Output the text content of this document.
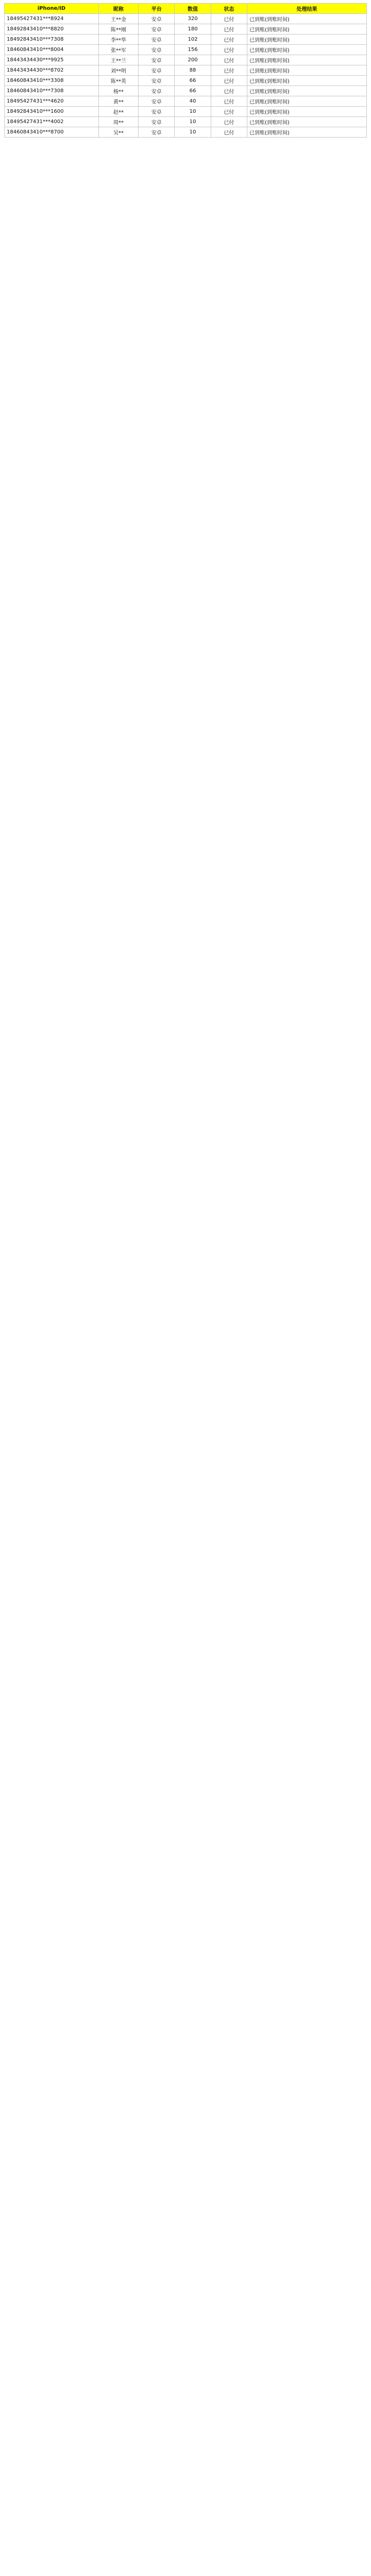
iPhone/ID	昵称	平台	数值	状态	处理结果
18495427431***8924	王**金	安卓	320	已付	已到账(到账时间)
18492843410***8820	陈**刚	安卓	180	已付	已到账(到账时间)
18492843410***7308	李**华	安卓	102	已付	已到账(到账时间)
18460843410***8004	张**军	安卓	156	已付	已到账(到账时间)
18443434430***9925	王**兰	安卓	200	已付	已到账(到账时间)
18443434430***8702	刘**明	安卓	88	已付	已到账(到账时间)
18460843410***3308	陈**英	安卓	66	已付	已到账(到账时间)
18460843410***7308	杨**	安卓	66	已付	已到账(到账时间)
18495427431***4620	黄**	安卓	40	已付	已到账(到账时间)
18492843410***1600	赵**	安卓	10	已付	已到账(到账时间)
18495427431***4002	周**	安卓	10	已付	已到账(到账时间)
18460843410***8700	吴**	安卓	10	已付	已到账(到账时间)
